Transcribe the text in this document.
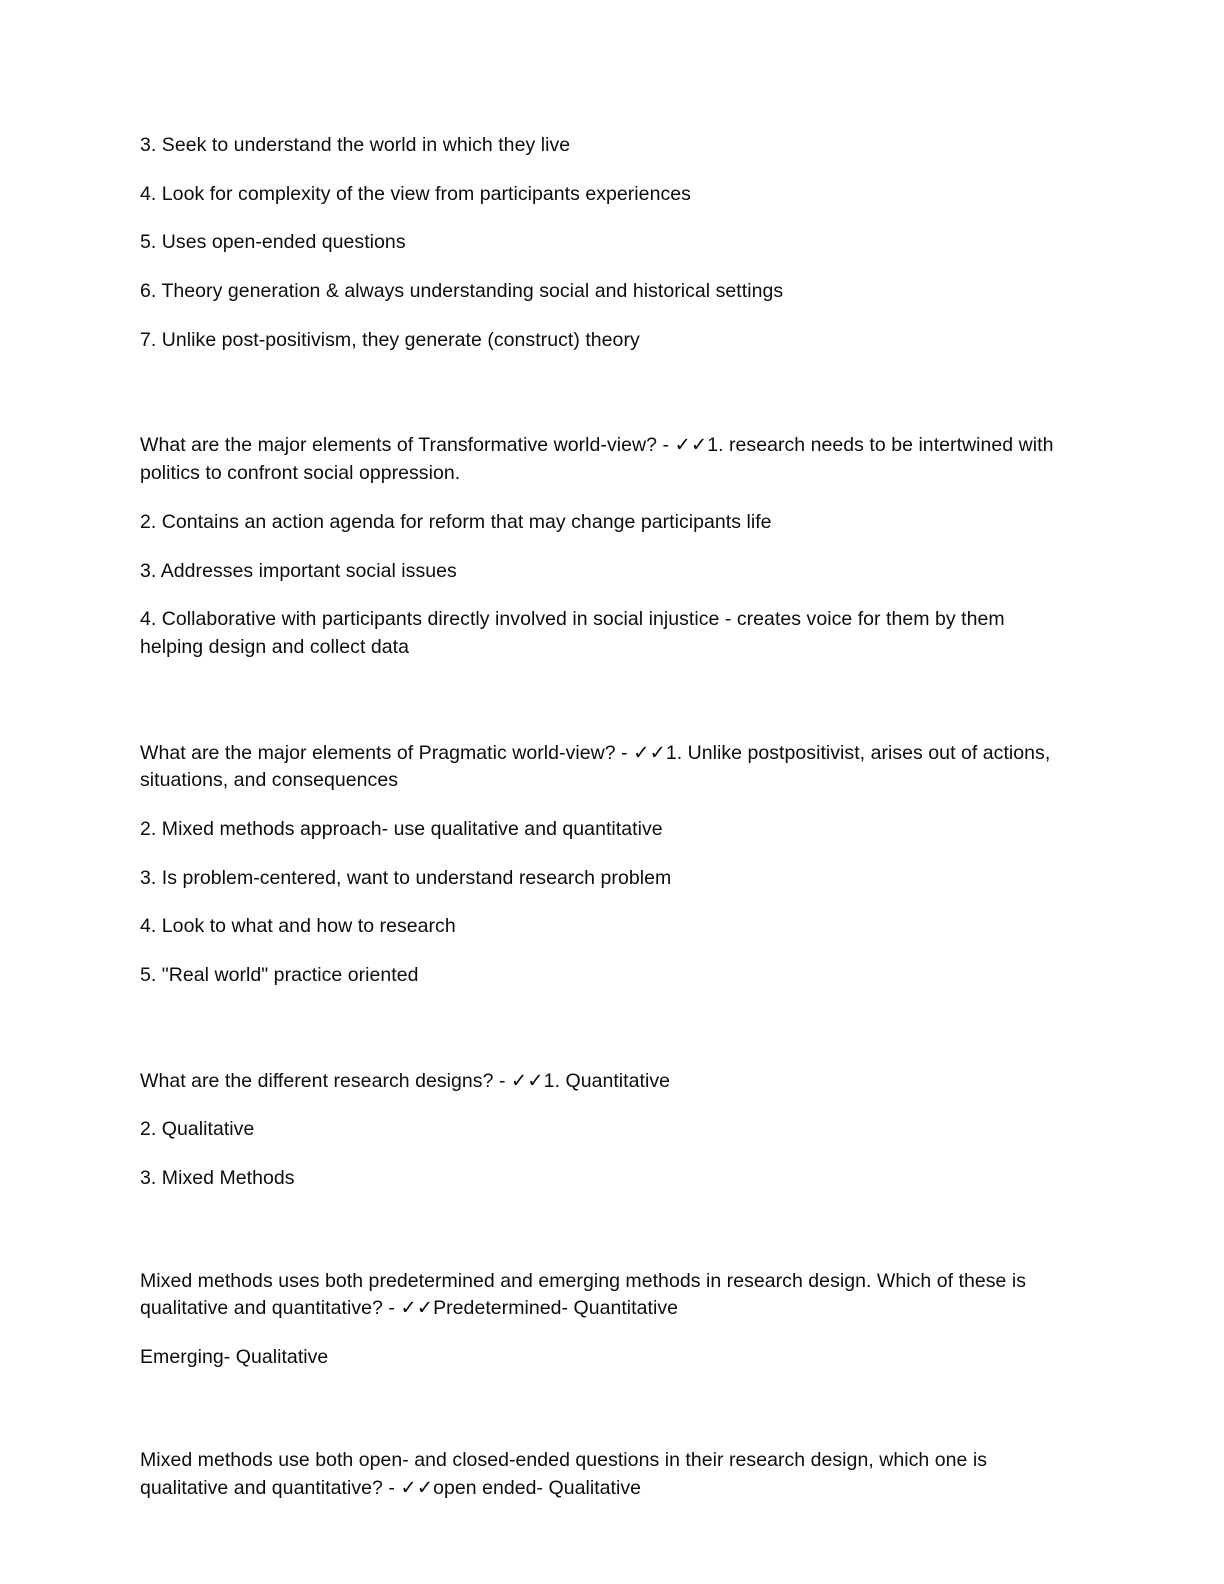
3. Seek to understand the world in which they live

4. Look for complexity of the view from participants experiences

5. Uses open-ended questions

6. Theory generation & always understanding social and historical settings

7. Unlike post-positivism, they generate (construct) theory

What are the major elements of Transformative world-view? - ✓✓1. research needs to be intertwined with politics to confront social oppression.

2. Contains an action agenda for reform that may change participants life

3. Addresses important social issues

4. Collaborative with participants directly involved in social injustice - creates voice for them by them helping design and collect data

What are the major elements of Pragmatic world-view? - ✓✓1. Unlike postpositivist, arises out of actions, situations, and consequences

2. Mixed methods approach- use qualitative and quantitative

3. Is problem-centered, want to understand research problem

4. Look to what and how to research

5. "Real world" practice oriented

What are the different research designs? - ✓✓1. Quantitative

2. Qualitative

3. Mixed Methods

Mixed methods uses both predetermined and emerging methods in research design. Which of these is qualitative and quantitative? - ✓✓Predetermined- Quantitative

Emerging- Qualitative

Mixed methods use both open- and closed-ended questions in their research design, which one is qualitative and quantitative? - ✓✓open ended- Qualitative
